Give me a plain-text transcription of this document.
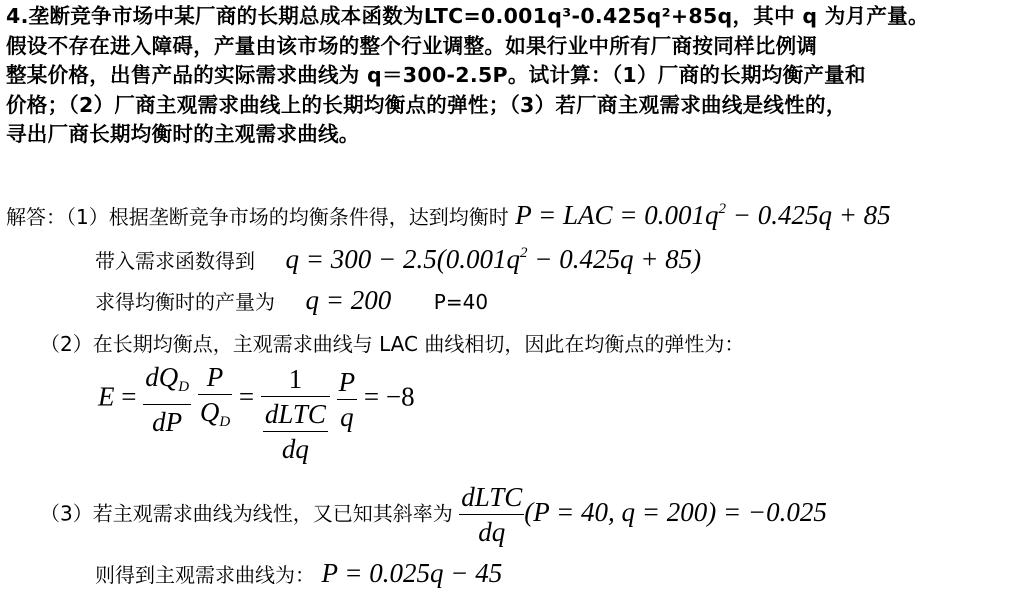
4.垄断竞争市场中某厂商的长期总成本函数为LTC=0.001q³-0.425q²+85q，其中 q 为月产量。
假设不存在进入障碍，产量由该市场的整个行业调整。如果行业中所有厂商按同样比例调
整某价格，出售产品的实际需求曲线为 q＝300-2.5P。试计算：（1）厂商的长期均衡产量和
价格；（2）厂商主观需求曲线上的长期均衡点的弹性；（3）若厂商主观需求曲线是线性的，
寻出厂商长期均衡时的主观需求曲线。
解答：（1）根据垄断竞争市场的均衡条件得，达到均衡时 P = LAC = $0.001q^2 - 0.425q + 85$
带入需求函数得到 $q = 300 - 2.5(0.001q^2 - 0.425q + 85)$
求得均衡时的产量为 q = 200 P=40
（2）在长期均衡点，主观需求曲线与 LAC 曲线相切，因此在均衡点的弹性为：
$E = \frac{dQ_D}{dP}$
$\frac{P}{Q_D} = \frac{1}{\frac{\text{dLTC}}{dq}}$
$\frac{P}{q} = -8$
（3）若主观需求曲线为线性，又已知其斜率为 $\frac{\text{dLTC}}{dq} (P = 40$, q = 200) = −0.025
则得到主观需求曲线为： P = 0.025q − 45
